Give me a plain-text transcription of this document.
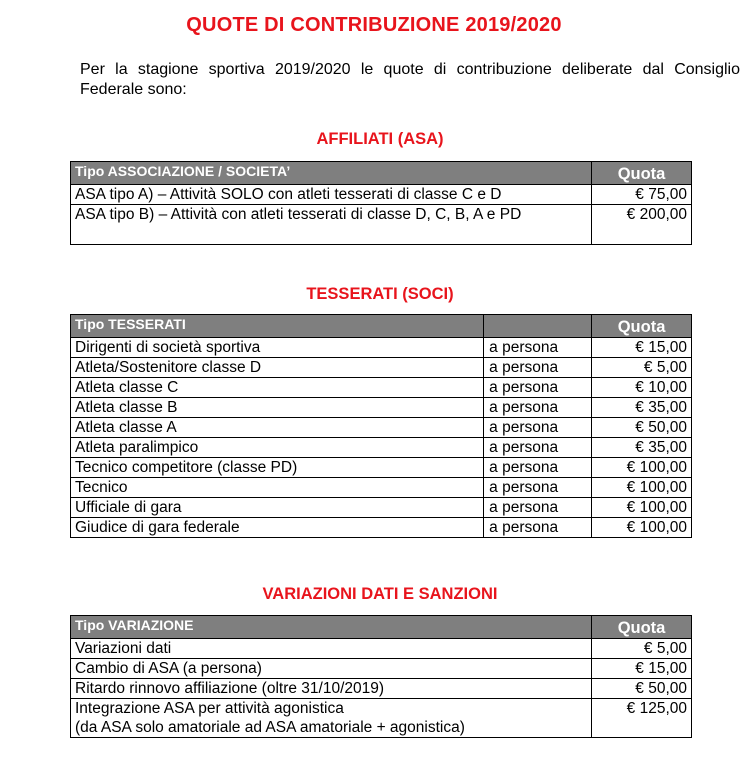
QUOTE DI CONTRIBUZIONE 2019/2020
Per la stagione sportiva 2019/2020 le quote di contribuzione deliberate dal Consiglio Federale sono:
AFFILIATI (ASA)
Tipo ASSOCIAZIONE / SOCIETA’	Quota
ASA tipo A) – Attività SOLO con atleti tesserati di classe C e D	€ 75,00
ASA tipo B) – Attività con atleti tesserati di classe D, C, B, A e PD	€ 200,00
TESSERATI (SOCI)
Tipo TESSERATI		Quota
Dirigenti di società sportiva	a persona	€ 15,00
Atleta/Sostenitore classe D	a persona	€ 5,00
Atleta classe C	a persona	€ 10,00
Atleta classe B	a persona	€ 35,00
Atleta classe A	a persona	€ 50,00
Atleta paralimpico	a persona	€ 35,00
Tecnico competitore (classe PD)	a persona	€ 100,00
Tecnico	a persona	€ 100,00
Ufficiale di gara	a persona	€ 100,00
Giudice di gara federale	a persona	€ 100,00
VARIAZIONI DATI E SANZIONI
Tipo VARIAZIONE	Quota
Variazioni dati	€ 5,00
Cambio di ASA (a persona)	€ 15,00
Ritardo rinnovo affiliazione (oltre 31/10/2019)	€ 50,00

Integrazione ASA per attività agonistica
(da ASA solo amatoriale ad ASA amatoriale + agonistica)	€ 125,00
